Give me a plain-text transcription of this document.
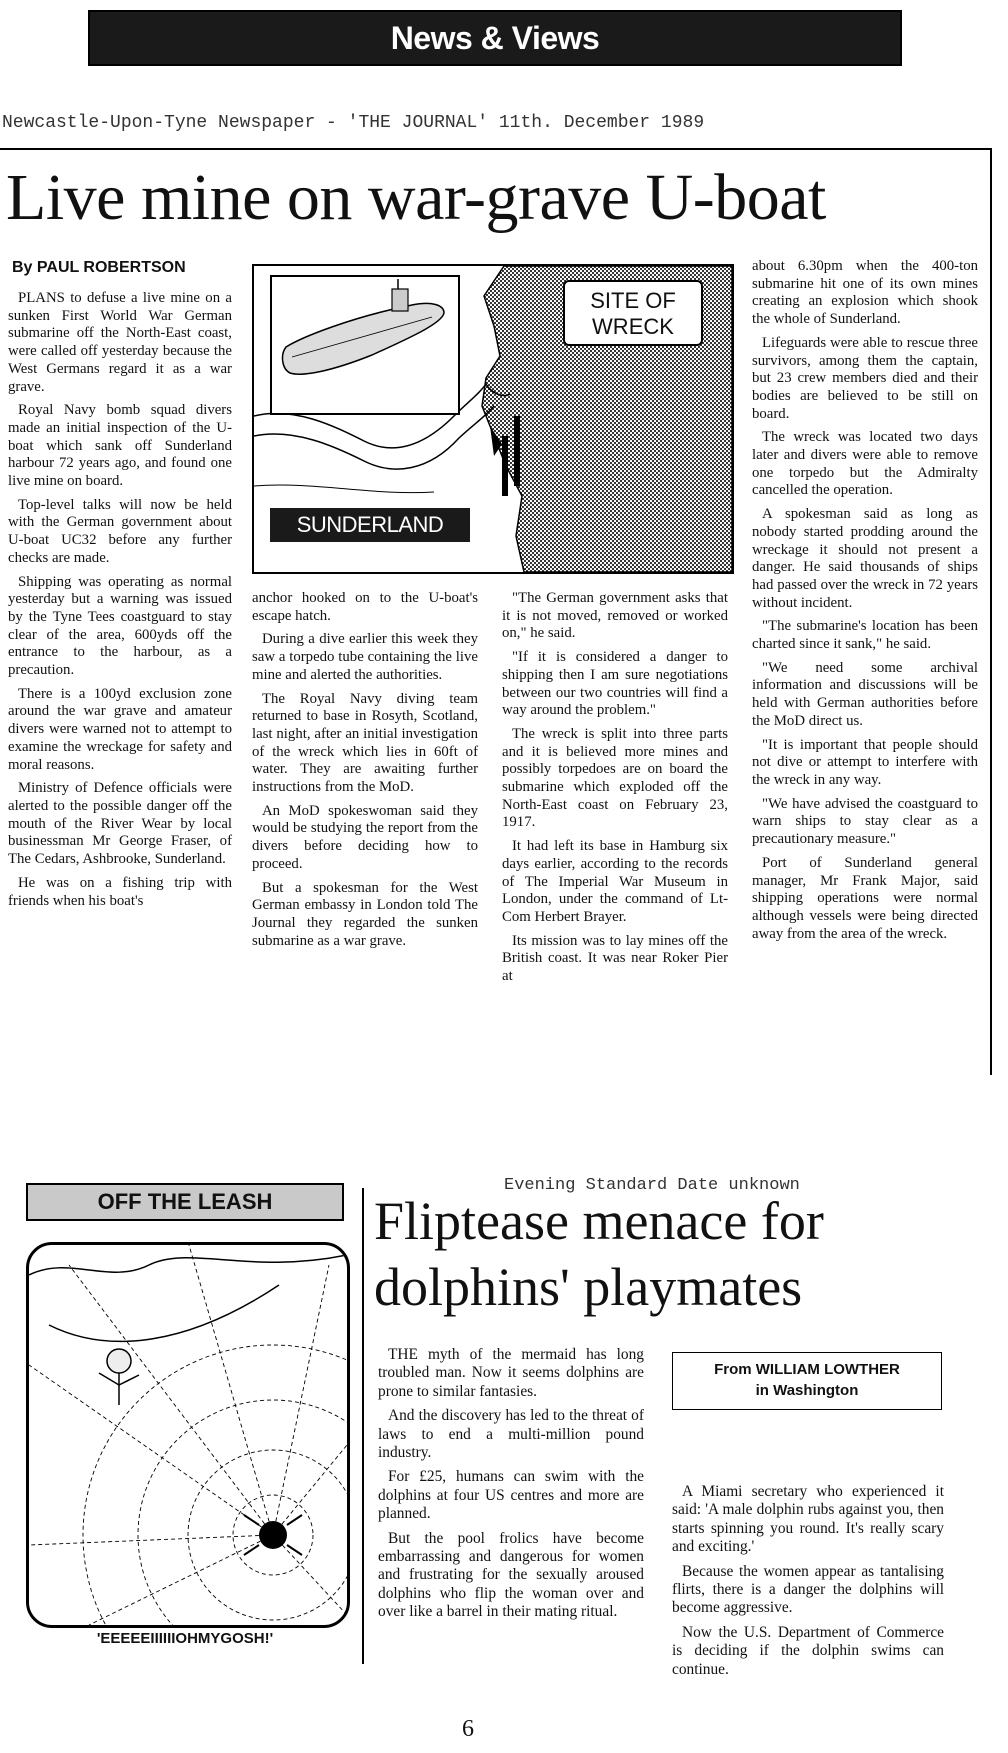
News & Views
Newcastle-Upon-Tyne Newspaper - 'THE JOURNAL' 11th. December 1989
Live mine on war-grave U-boat
By PAUL ROBERTSON

PLANS to defuse a live mine on a sunken First World War German submarine off the North-East coast, were called off yesterday because the West Germans regard it as a war grave.

Royal Navy bomb squad divers made an initial inspection of the U-boat which sank off Sunderland harbour 72 years ago, and found one live mine on board.

Top-level talks will now be held with the German government about U-boat UC32 before any further checks are made.

Shipping was operating as normal yesterday but a warning was issued by the Tyne Tees coastguard to stay clear of the area, 600yds off the entrance to the harbour, as a precaution.

There is a 100yd exclusion zone around the war grave and amateur divers were warned not to attempt to examine the wreckage for safety and moral reasons.

Ministry of Defence officials were alerted to the possible danger off the mouth of the River Wear by local businessman Mr George Fraser, of The Cedars, Ashbrooke, Sunderland.

He was on a fishing trip with friends when his boat's

SITE OF
WRECK
SUNDERLAND

anchor hooked on to the U-boat's escape hatch.

During a dive earlier this week they saw a torpedo tube containing the live mine and alerted the authorities.

The Royal Navy diving team returned to base in Rosyth, Scotland, last night, after an initial investigation of the wreck which lies in 60ft of water. They are awaiting further instructions from the MoD.

An MoD spokeswoman said they would be studying the report from the divers before deciding how to proceed.

But a spokesman for the West German embassy in London told The Journal they regarded the sunken submarine as a war grave.

"The German government asks that it is not moved, removed or worked on," he said.

"If it is considered a danger to shipping then I am sure negotiations between our two countries will find a way around the problem."

The wreck is split into three parts and it is believed more mines and possibly torpedoes are on board the submarine which exploded off the North-East coast on February 23, 1917.

It had left its base in Hamburg six days earlier, according to the records of The Imperial War Museum in London, under the command of Lt-Com Herbert Brayer.

Its mission was to lay mines off the British coast. It was near Roker Pier at

about 6.30pm when the 400-ton submarine hit one of its own mines creating an explosion which shook the whole of Sunderland.

Lifeguards were able to rescue three survivors, among them the captain, but 23 crew members died and their bodies are believed to be still on board.

The wreck was located two days later and divers were able to remove one torpedo but the Admiralty cancelled the operation.

A spokesman said as long as nobody started prodding around the wreckage it should not present a danger. He said thousands of ships had passed over the wreck in 72 years without incident.

"The submarine's location has been charted since it sank," he said.

"We need some archival information and discussions will be held with German authorities before the MoD direct us.

"It is important that people should not dive or attempt to interfere with the wreck in any way.

"We have advised the coastguard to warn ships to stay clear as a precautionary measure."

Port of Sunderland general manager, Mr Frank Major, said shipping operations were normal although vessels were being directed away from the area of the wreck.

OFF THE LEASH
'EEEEEIIIIIIOHMYGOSH!'
Evening Standard Date unknown
Fliptease menace for
dolphins' playmates

THE myth of the mermaid has long troubled man. Now it seems dolphins are prone to similar fantasies.

And the discovery has led to the threat of laws to end a multi-million pound industry.

For £25, humans can swim with the dolphins at four US centres and more are planned.

But the pool frolics have become embarrassing and dangerous for women and frustrating for the sexually aroused dolphins who flip the woman over and over like a barrel in their mating ritual.

From WILLIAM LOWTHER
in Washington

A Miami secretary who experienced it said: 'A male dolphin rubs against you, then starts spinning you round. It's really scary and exciting.'

Because the women appear as tantalising flirts, there is a danger the dolphins will become aggressive.

Now the U.S. Department of Commerce is deciding if the dolphin swims can continue.

6
